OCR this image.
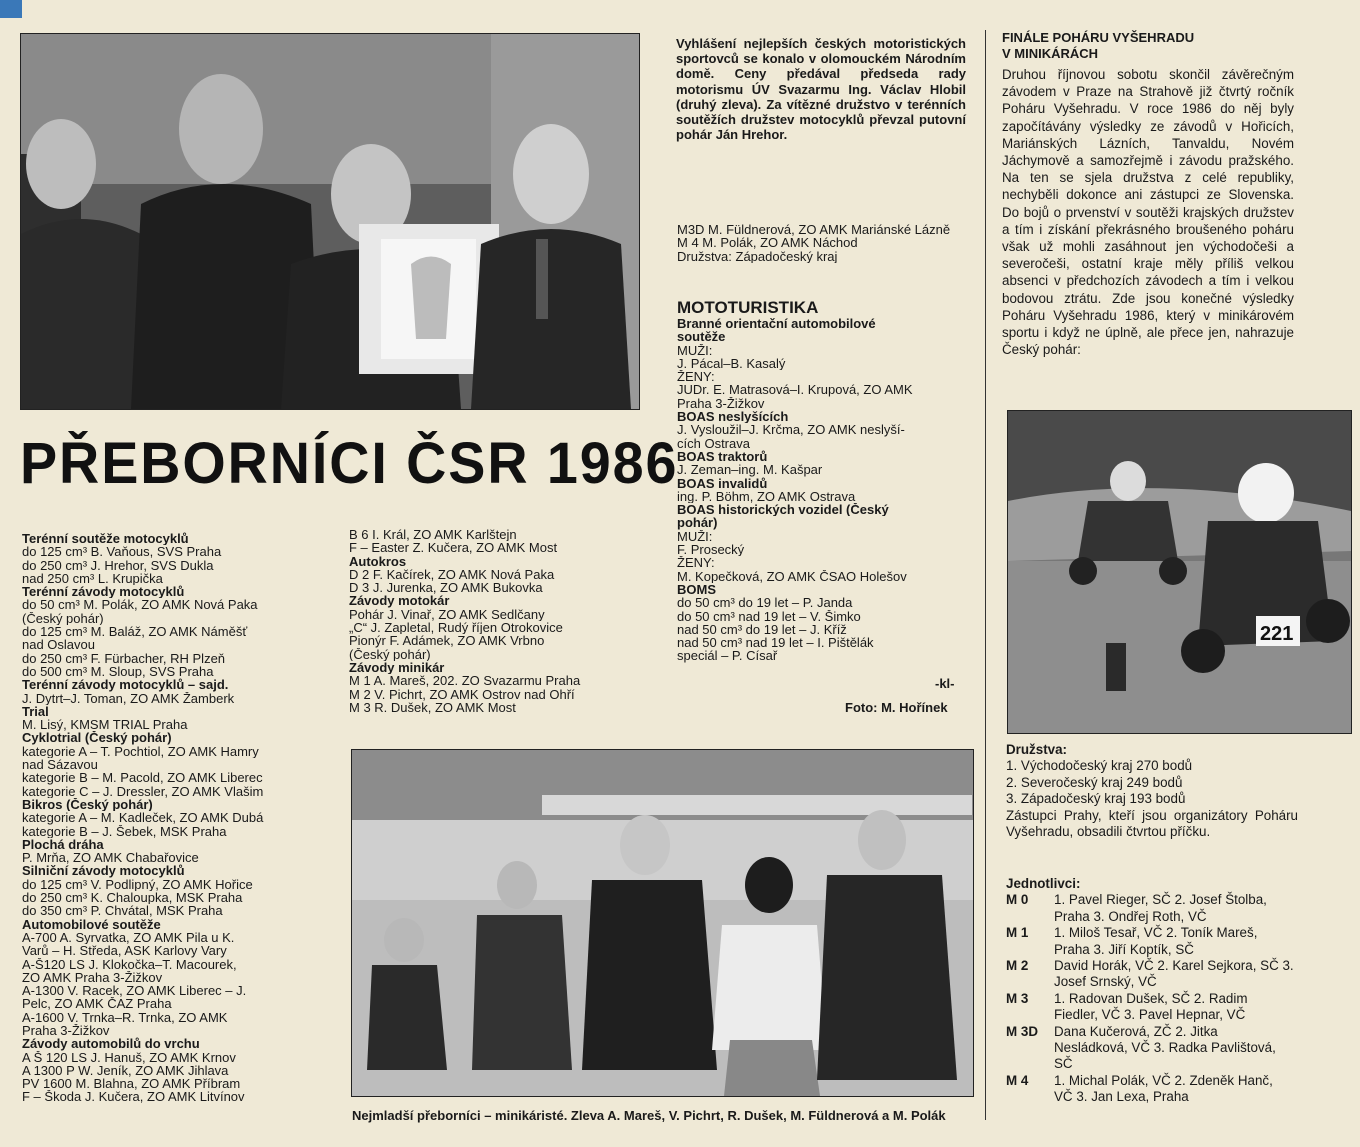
PŘEBORNÍCI ČSR 1986
Vyhlášení nejlepších českých motoristických sportovců se konalo v olomouckém Národním domě. Ceny předával předseda rady motorismu ÚV Svazarmu Ing. Václav Hlobil (druhý zleva). Za vítězné družstvo v terénních soutěžích družstev motocyklů převzal putovní pohár Ján Hrehor.
Terénní soutěže motocyklů
do 125 cm³ B. Vaňous, SVS Praha
do 250 cm³ J. Hrehor, SVS Dukla
nad 250 cm³ L. Krupička
Terénní závody motocyklů
do 50 cm³ M. Polák, ZO AMK Nová Paka
(Český pohár)
do 125 cm³ M. Baláž, ZO AMK Náměšť
nad Oslavou
do 250 cm³ F. Fürbacher, RH Plzeň
do 500 cm³ M. Sloup, SVS Praha
Terénní závody motocyklů – sajd.
J. Dytrt–J. Toman, ZO AMK Žamberk
Trial
M. Lisý, KMSM TRIAL Praha
Cyklotrial (Český pohár)
kategorie A – T. Pochtiol, ZO AMK Hamry
nad Sázavou
kategorie B – M. Pacold, ZO AMK Liberec
kategorie C – J. Dressler, ZO AMK Vlašim
Bikros (Český pohár)
kategorie A – M. Kadleček, ZO AMK Dubá
kategorie B – J. Šebek, MSK Praha
Plochá dráha
P. Mrňa, ZO AMK Chabařovice
Silniční závody motocyklů
do 125 cm³ V. Podlipný, ZO AMK Hořice
do 250 cm³ K. Chaloupka, MSK Praha
do 350 cm³ P. Chvátal, MSK Praha
Automobilové soutěže
A-700 A. Syrvatka, ZO AMK Pila u K.
Varů – H. Středa, ASK Karlovy Vary
A-Š120 LS J. Klokočka–T. Macourek,
ZO AMK Praha 3-Žižkov
A-1300 V. Racek, ZO AMK Liberec – J.
Pelc, ZO AMK ČAZ Praha
A-1600 V. Trnka–R. Trnka, ZO AMK
Praha 3-Žižkov
Závody automobilů do vrchu
A Š 120 LS J. Hanuš, ZO AMK Krnov
A 1300 P W. Jeník, ZO AMK Jihlava
PV 1600 M. Blahna, ZO AMK Příbram
F – Škoda J. Kučera, ZO AMK Litvínov
B 6 I. Král, ZO AMK Karlštejn
F – Easter Z. Kučera, ZO AMK Most
Autokros
D 2 F. Kačírek, ZO AMK Nová Paka
D 3 J. Jurenka, ZO AMK Bukovka
Závody motokár
Pohár J. Vinař, ZO AMK Sedlčany
„C“ J. Zapletal, Rudý říjen Otrokovice
Pionýr F. Adámek, ZO AMK Vrbno
(Český pohár)
Závody minikár
M 1 A. Mareš, 202. ZO Svazarmu Praha
M 2 V. Pichrt, ZO AMK Ostrov nad Ohří
M 3 R. Dušek, ZO AMK Most
M3D M. Füldnerová, ZO AMK Mariánské Lázně
M 4 M. Polák, ZO AMK Náchod
Družstva: Západočeský kraj
MOTOTURISTIKA
Branné orientační automobilové
soutěže
MUŽI:
J. Pácal–B. Kasalý
ŽENY:
JUDr. E. Matrasová–I. Krupová, ZO AMK
Praha 3-Žižkov
BOAS neslyšících
J. Vysloužil–J. Krčma, ZO AMK neslyší-
cích Ostrava
BOAS traktorů
J. Zeman–ing. M. Kašpar
BOAS invalidů
ing. P. Böhm, ZO AMK Ostrava
BOAS historických vozidel (Český
pohár)
MUŽI:
F. Prosecký
ŽENY:
M. Kopečková, ZO AMK ČSAO Holešov
BOMS
do 50 cm³ do 19 let – P. Janda
do 50 cm³ nad 19 let – V. Šimko
nad 50 cm³ do 19 let – J. Kříž
nad 50 cm³ nad 19 let – I. Pištělák
speciál – P. Císař
-kl-
Foto: M. Hořínek
FINÁLE POHÁRU VYŠEHRADU
V MINIKÁRÁCH
Druhou říjnovou sobotu skončil závěrečným závodem v Praze na Strahově již čtvrtý ročník Poháru Vyšehradu. V roce 1986 do něj byly započítávány výsledky ze závodů v Hořicích, Mariánských Lázních, Tanvaldu, Novém Jáchymově a samozřejmě i závodu pražského. Na ten se sjela družstva z celé republiky, nechyběli dokonce ani zástupci ze Slovenska. Do bojů o prvenství v soutěži krajských družstev a tím i získání překrásného broušeného poháru však už mohli zasáhnout jen východočeši a severočeši, ostatní kraje měly příliš velkou absenci v předchozích závodech a tím i velkou bodovou ztrátu. Zde jsou konečné výsledky Poháru Vyšehradu 1986, který v minikárovém sportu i když ne úplně, ale přece jen, nahrazuje Český pohár:
221
Družstva:
1. Východočeský kraj 270 bodů
2. Severočeský kraj 249 bodů
3. Západočeský kraj 193 bodů
Zástupci Prahy, kteří jsou organizátory Poháru Vyšehradu, obsadili čtvrtou příčku.
Jednotlivci:
M 0	1. Pavel Rieger, SČ 2. Josef Štolba, Praha 3. Ondřej Roth, VČ
M 1	1. Miloš Tesař, VČ 2. Toník Mareš, Praha 3. Jiří Koptík, SČ
M 2	David Horák, VČ 2. Karel Sejkora, SČ 3. Josef Srnský, VČ
M 3	1. Radovan Dušek, SČ 2. Radim Fiedler, VČ 3. Pavel Hepnar, VČ
M 3D	Dana Kučerová, ZČ 2. Jitka Nesládková, VČ 3. Radka Pavlištová, SČ
M 4	1. Michal Polák, VČ 2. Zdeněk Hanč, VČ 3. Jan Lexa, Praha
Nejmladší přeborníci – minikáristé. Zleva A. Mareš, V. Pichrt, R. Dušek, M. Füldnerová a M. Polák
